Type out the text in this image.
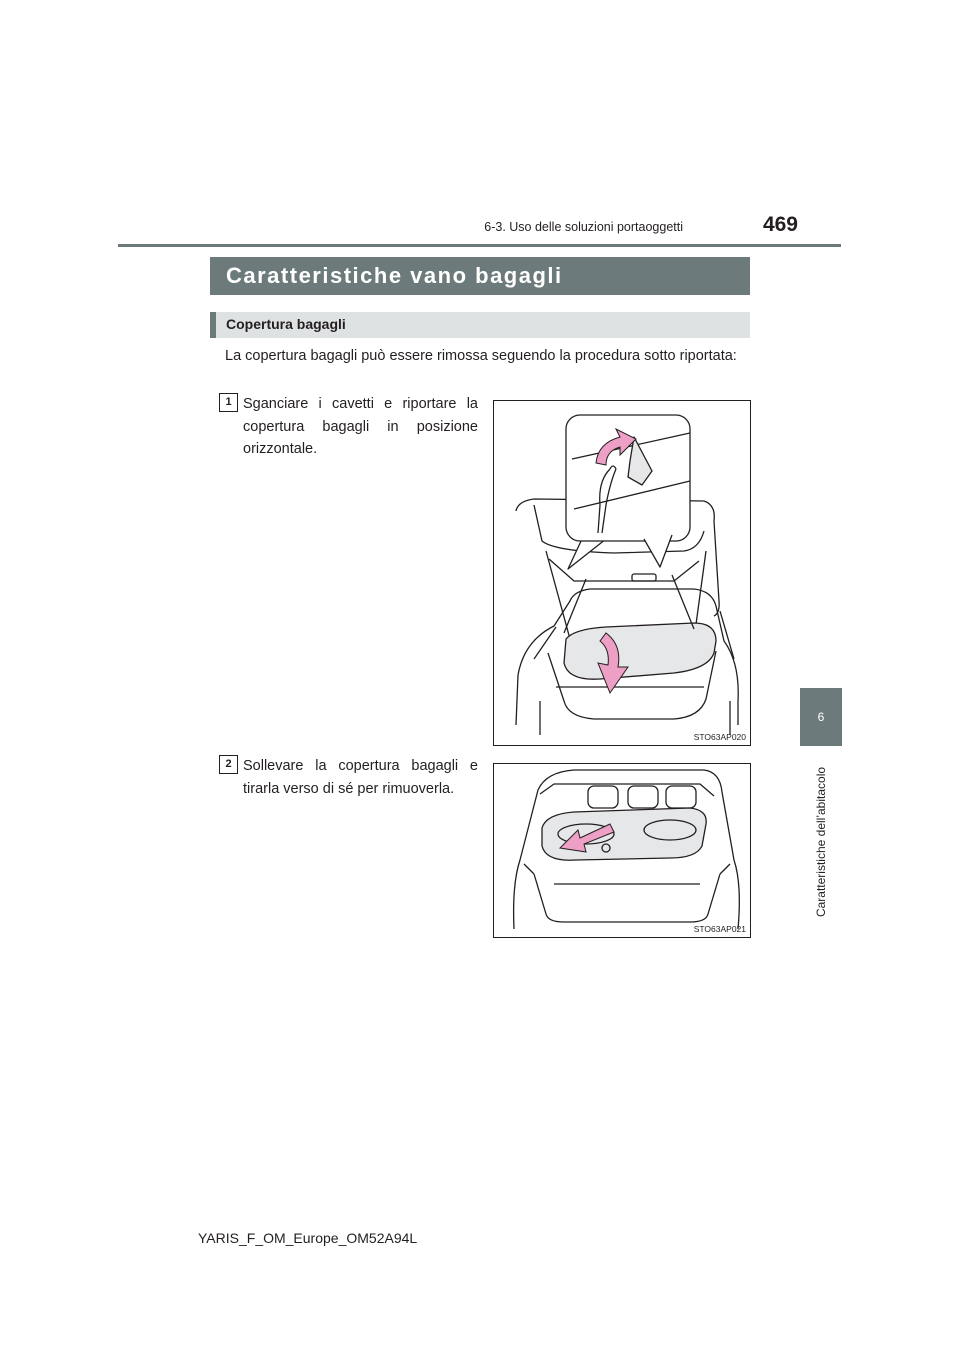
6-3. Uso delle soluzioni portaoggetti	469
6
Caratteristiche dell’abitacolo
Caratteristiche vano bagagli
Copertura bagagli
La copertura bagagli può essere rimossa seguendo la procedura sotto riportata:
1 Sganciare i cavetti e riportare la copertura bagagli in posizione orizzontale.
STO63AP020
2 Sollevare la copertura bagagli e tirarla verso di sé per rimuoverla.
STO63AP021
YARIS_F_OM_Europe_OM52A94L
